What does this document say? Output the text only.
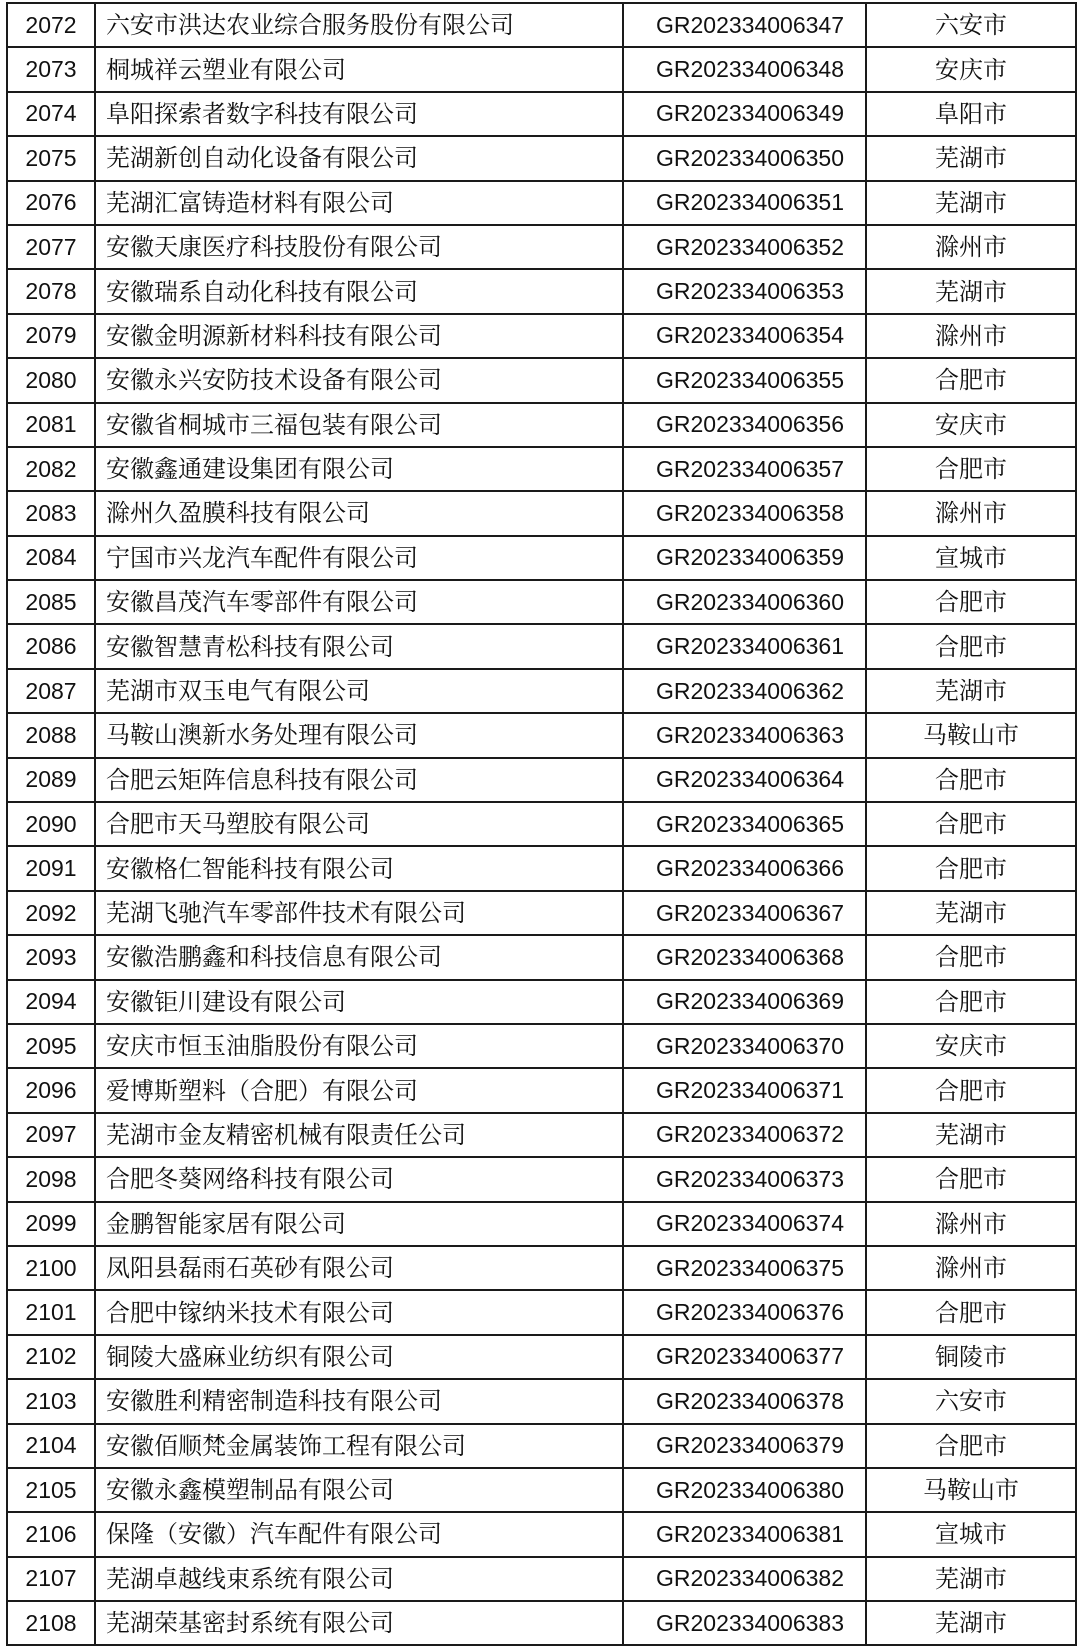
2072	六安市洪达农业综合服务股份有限公司	GR202334006347	六安市
2073	桐城祥云塑业有限公司	GR202334006348	安庆市
2074	阜阳探索者数字科技有限公司	GR202334006349	阜阳市
2075	芜湖新创自动化设备有限公司	GR202334006350	芜湖市
2076	芜湖汇富铸造材料有限公司	GR202334006351	芜湖市
2077	安徽天康医疗科技股份有限公司	GR202334006352	滁州市
2078	安徽瑞系自动化科技有限公司	GR202334006353	芜湖市
2079	安徽金明源新材料科技有限公司	GR202334006354	滁州市
2080	安徽永兴安防技术设备有限公司	GR202334006355	合肥市
2081	安徽省桐城市三福包装有限公司	GR202334006356	安庆市
2082	安徽鑫通建设集团有限公司	GR202334006357	合肥市
2083	滁州久盈膜科技有限公司	GR202334006358	滁州市
2084	宁国市兴龙汽车配件有限公司	GR202334006359	宣城市
2085	安徽昌茂汽车零部件有限公司	GR202334006360	合肥市
2086	安徽智慧青松科技有限公司	GR202334006361	合肥市
2087	芜湖市双玉电气有限公司	GR202334006362	芜湖市
2088	马鞍山澳新水务处理有限公司	GR202334006363	马鞍山市
2089	合肥云矩阵信息科技有限公司	GR202334006364	合肥市
2090	合肥市天马塑胶有限公司	GR202334006365	合肥市
2091	安徽格仁智能科技有限公司	GR202334006366	合肥市
2092	芜湖飞驰汽车零部件技术有限公司	GR202334006367	芜湖市
2093	安徽浩鹏鑫和科技信息有限公司	GR202334006368	合肥市
2094	安徽钜川建设有限公司	GR202334006369	合肥市
2095	安庆市恒玉油脂股份有限公司	GR202334006370	安庆市
2096	爱博斯塑料（合肥）有限公司	GR202334006371	合肥市
2097	芜湖市金友精密机械有限责任公司	GR202334006372	芜湖市
2098	合肥冬葵网络科技有限公司	GR202334006373	合肥市
2099	金鹏智能家居有限公司	GR202334006374	滁州市
2100	凤阳县磊雨石英砂有限公司	GR202334006375	滁州市
2101	合肥中镓纳米技术有限公司	GR202334006376	合肥市
2102	铜陵大盛麻业纺织有限公司	GR202334006377	铜陵市
2103	安徽胜利精密制造科技有限公司	GR202334006378	六安市
2104	安徽佰顺梵金属装饰工程有限公司	GR202334006379	合肥市
2105	安徽永鑫模塑制品有限公司	GR202334006380	马鞍山市
2106	保隆（安徽）汽车配件有限公司	GR202334006381	宣城市
2107	芜湖卓越线束系统有限公司	GR202334006382	芜湖市
2108	芜湖荣基密封系统有限公司	GR202334006383	芜湖市
